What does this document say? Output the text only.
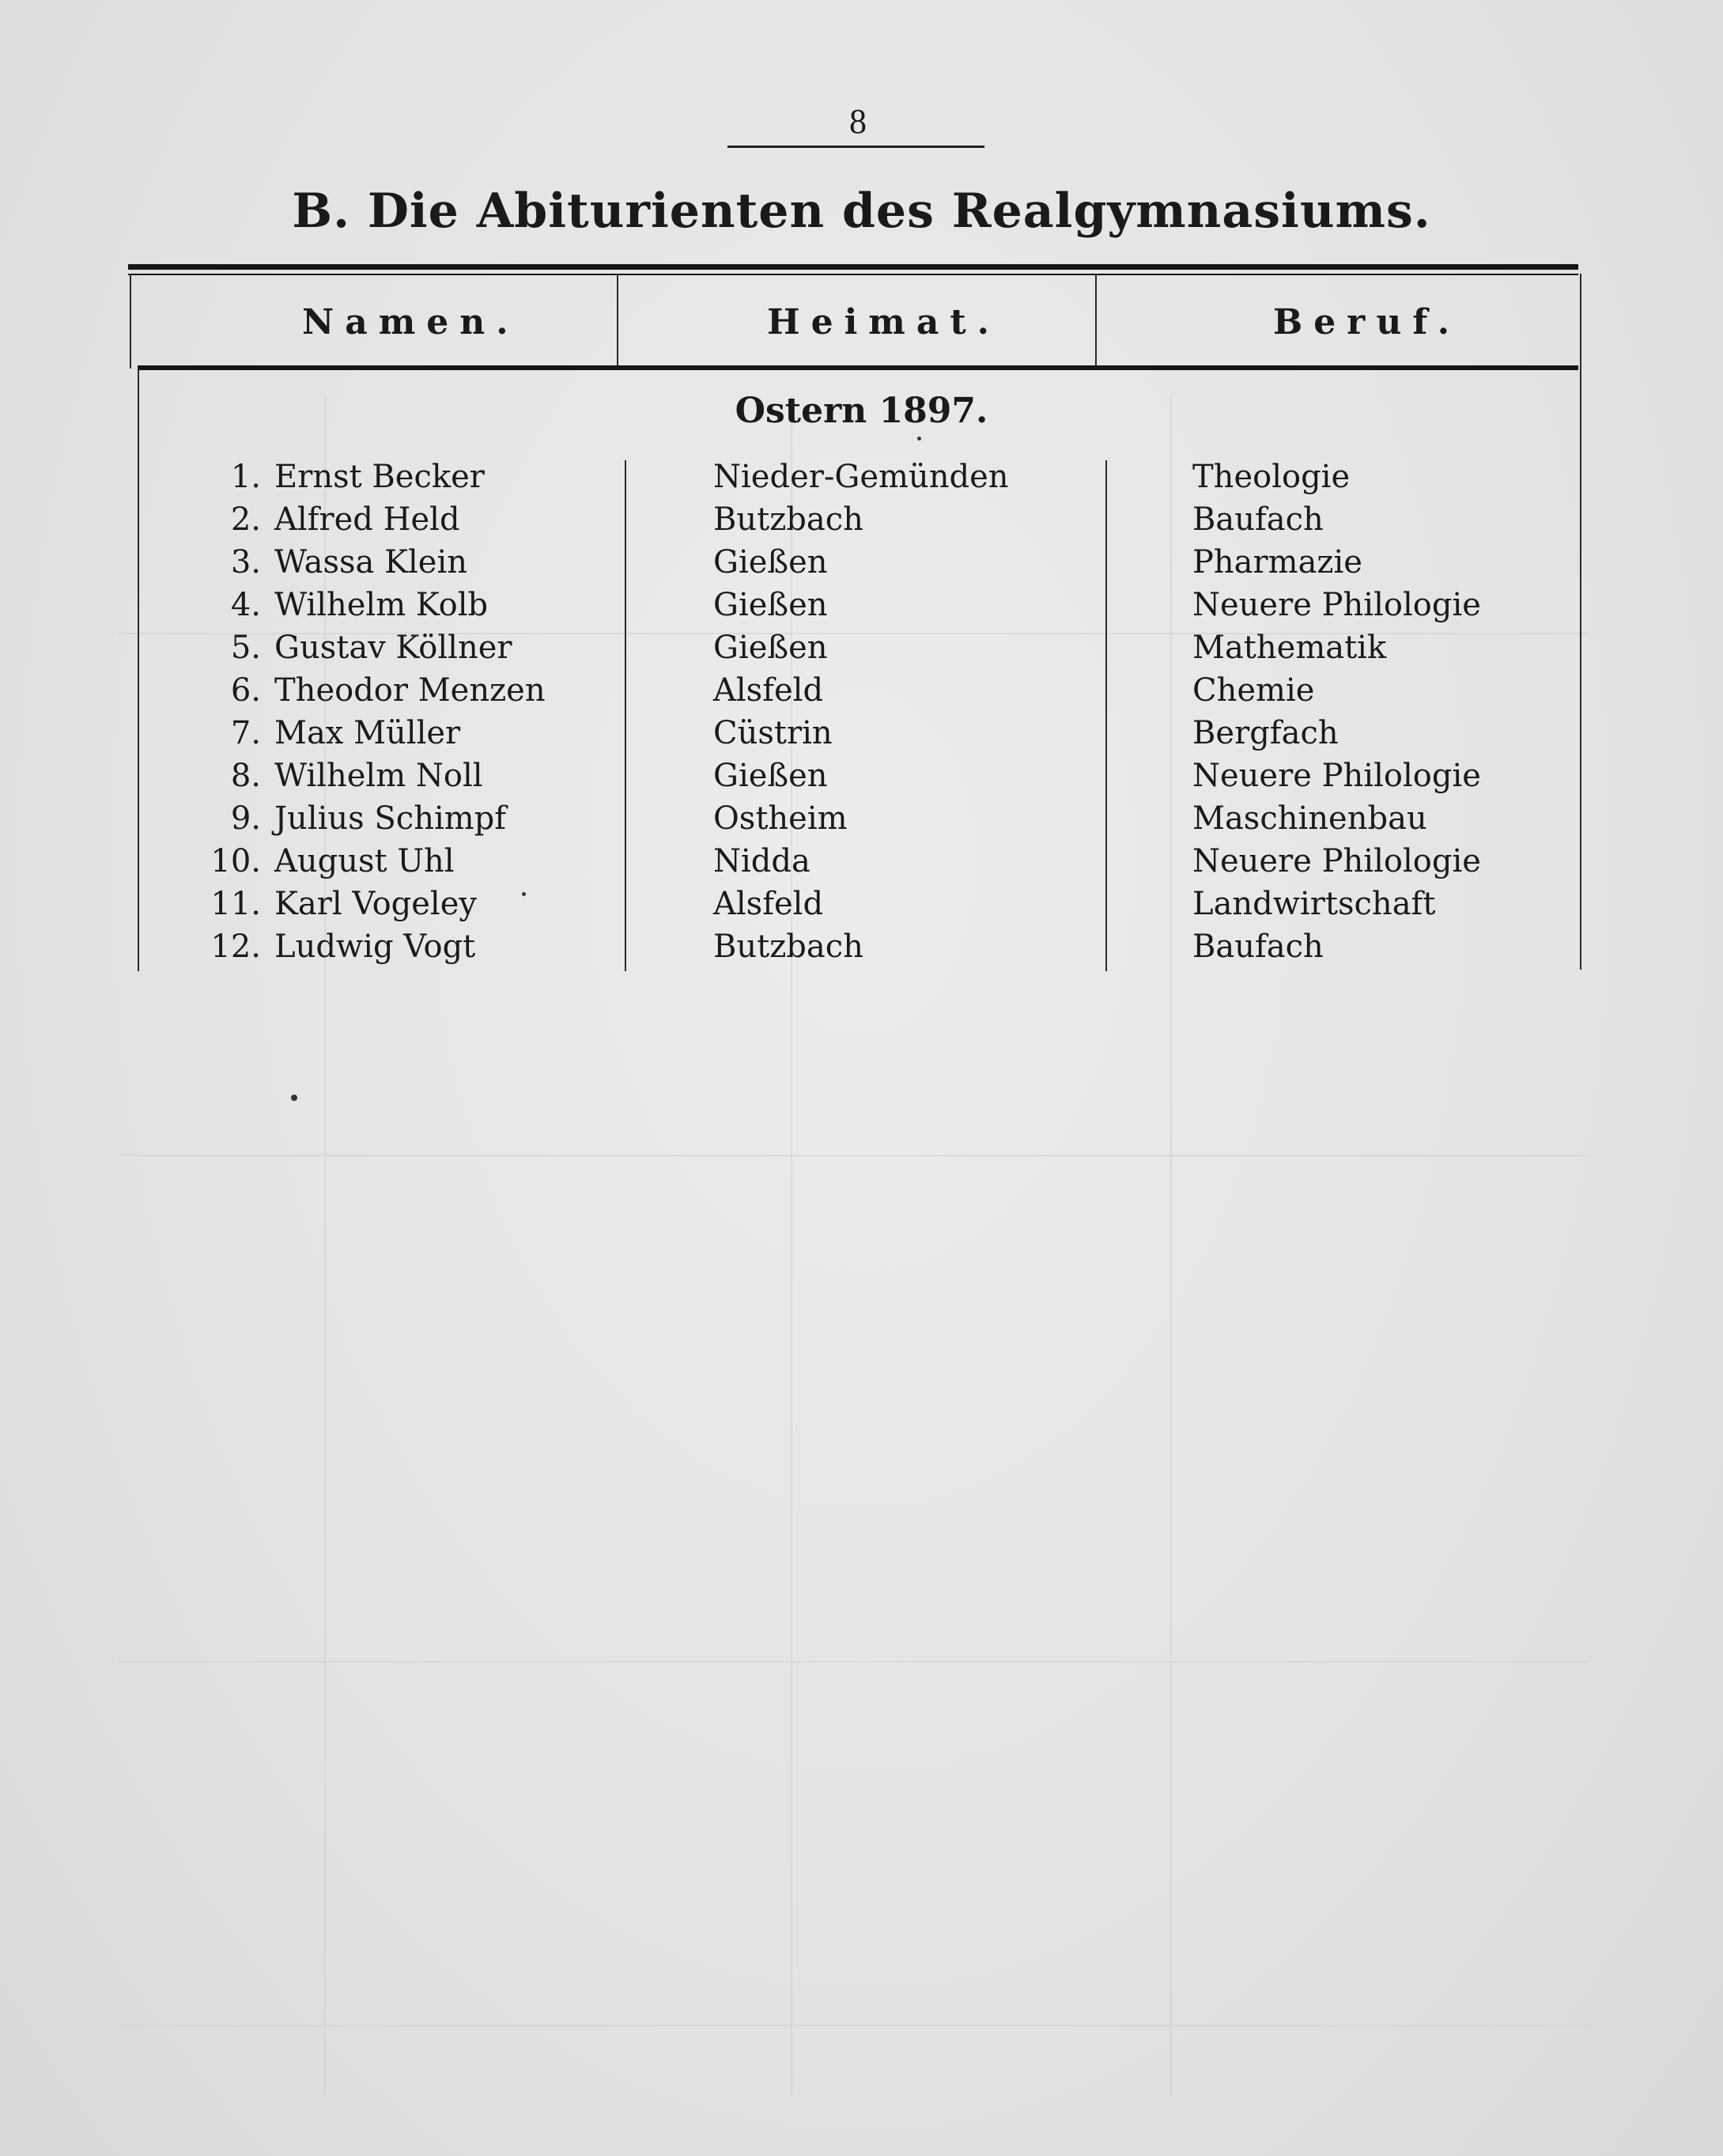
8
B. Die Abiturienten des Realgymnasiums.
Namen.	Heimat.	Beruf.
Ostern 1897.
1. Ernst Becker	Nieder-Gemünden	Theologie
2. Alfred Held	Butzbach	Baufach
3. Wassa Klein	Gießen	Pharmazie
4. Wilhelm Kolb	Gießen	Neuere Philologie
5. Gustav Köllner	Gießen	Mathematik
6. Theodor Menzen	Alsfeld	Chemie
7. Max Müller	Cüstrin	Bergfach
8. Wilhelm Noll	Gießen	Neuere Philologie
9. Julius Schimpf	Ostheim	Maschinenbau
10. August Uhl	Nidda	Neuere Philologie
11. Karl Vogeley	Alsfeld	Landwirtschaft
12. Ludwig Vogt	Butzbach	Baufach
